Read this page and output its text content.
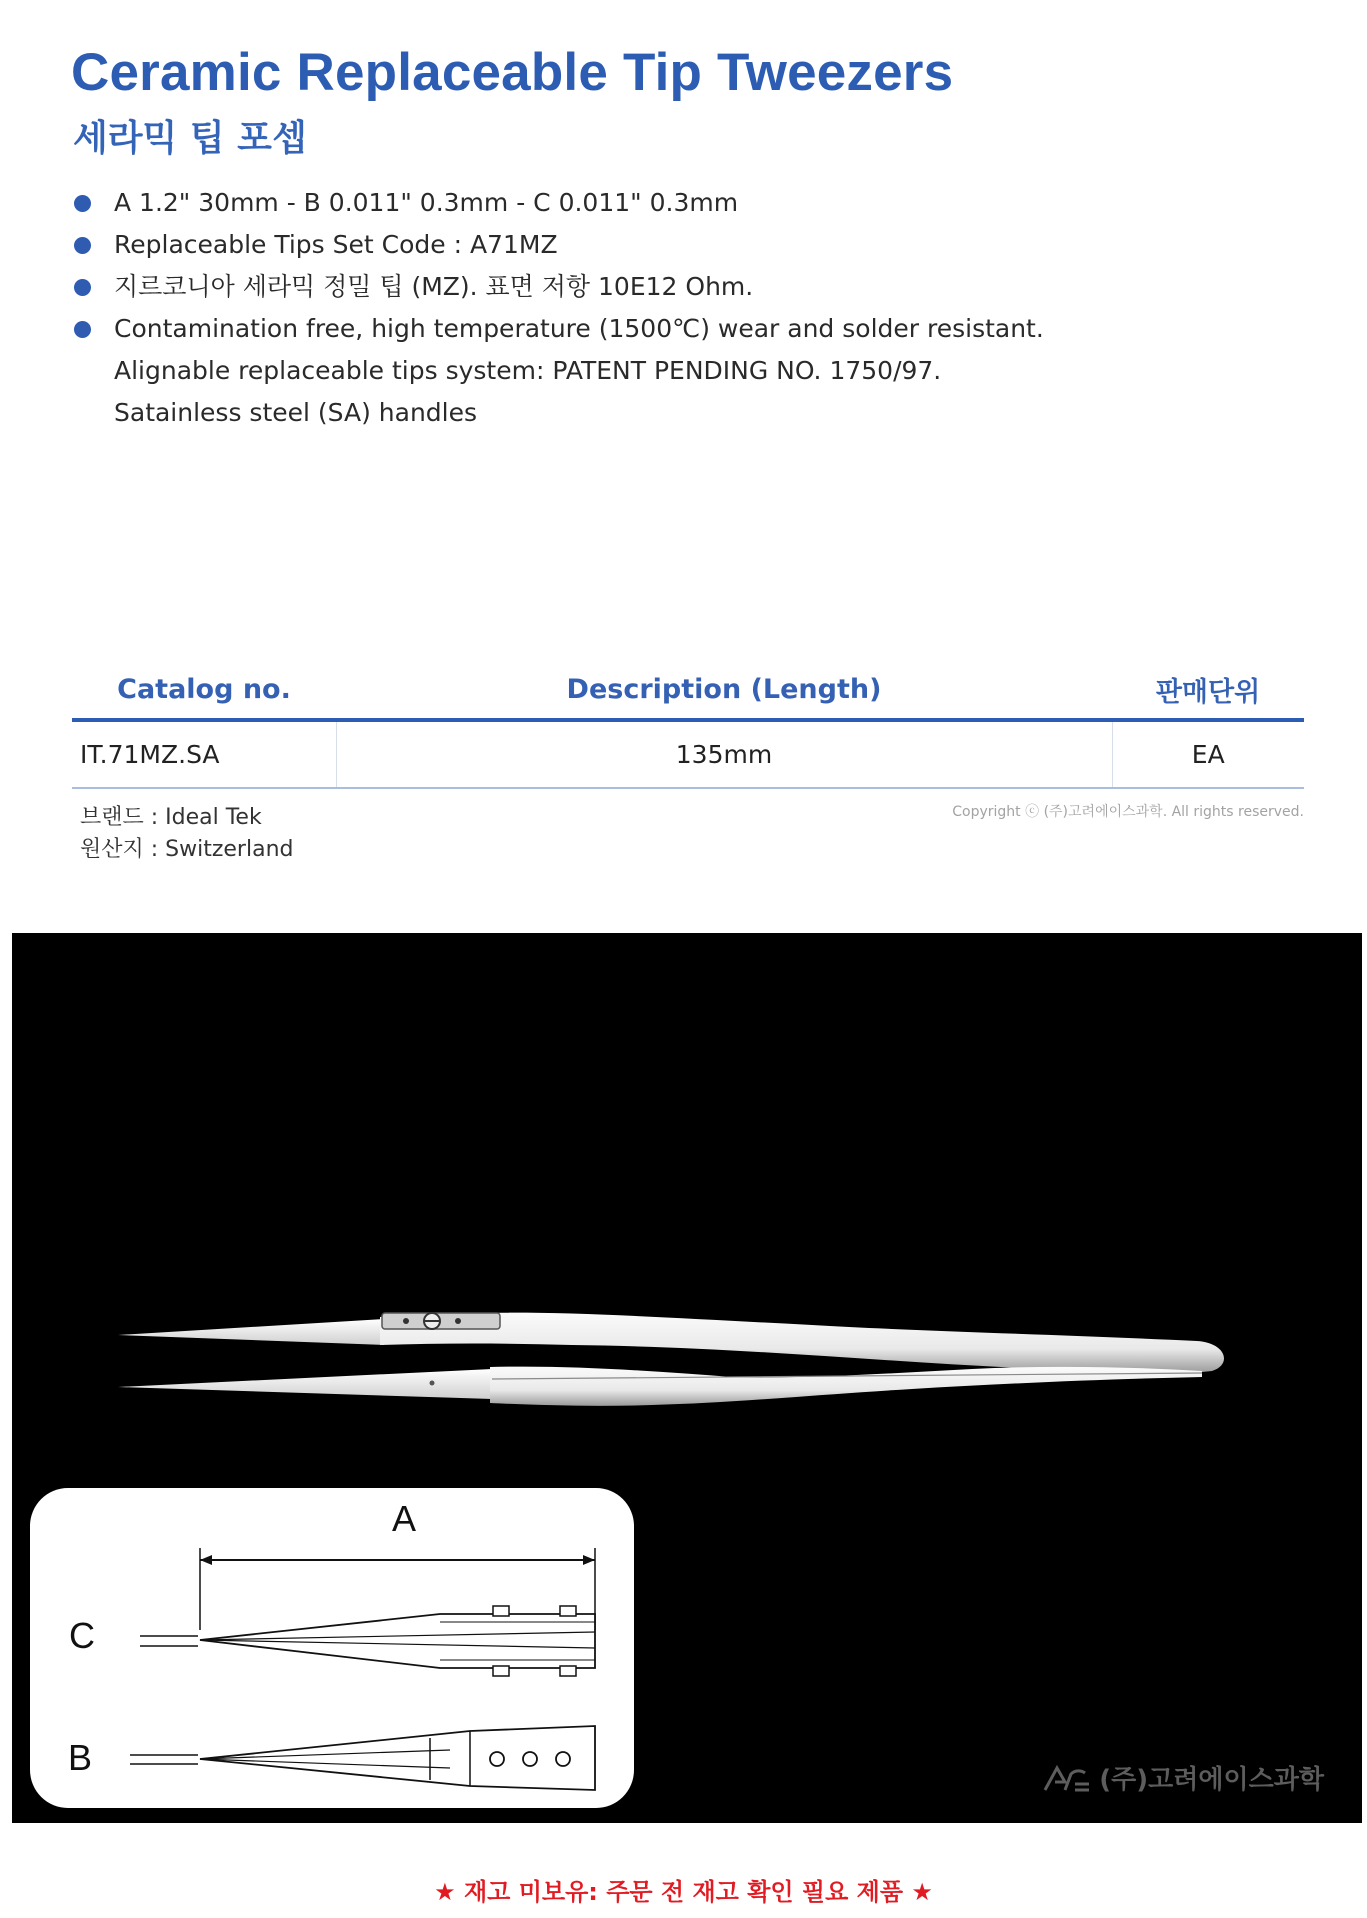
Ceramic Replaceable Tip Tweezers
세라믹 팁 포셉
A 1.2" 30mm - B 0.011" 0.3mm - C 0.011" 0.3mm
Replaceable Tips Set Code : A71MZ
지르코니아 세라믹 정밀 팁 (MZ). 표면 저항 10E12 Ohm.
Contamination free, high temperature (1500℃) wear and solder resistant.
Alignable replaceable tips system: PATENT PENDING NO. 1750/97.
Satainless steel (SA) handles
Catalog no.	Description (Length)	판매단위
IT.71MZ.SA	135mm	EA
브랜드 : Ideal Tek
원산지 : Switzerland
Copyright ⓒ (주)고려에이스과학. All rights reserved.
A
C
B
(주)고려에이스과학
★ 재고 미보유: 주문 전 재고 확인 필요 제품 ★
